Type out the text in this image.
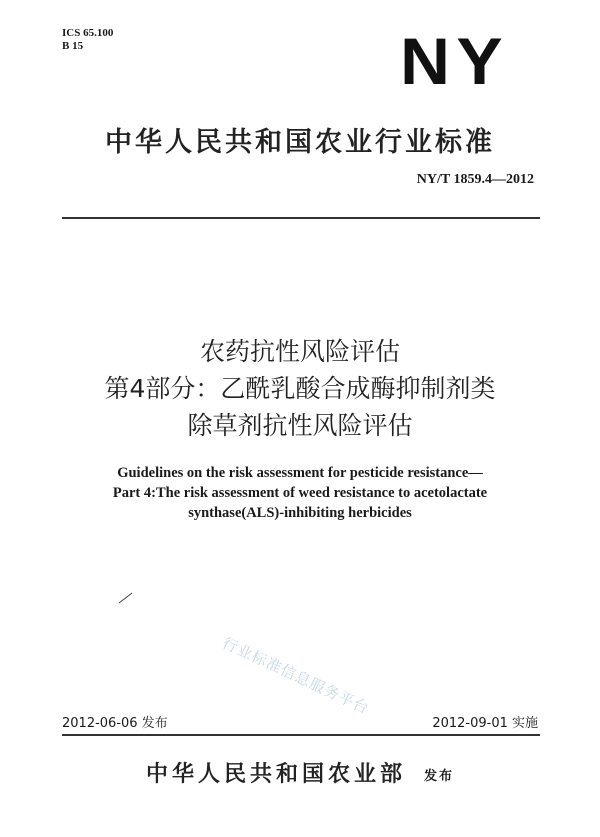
ICS 65.100
B 15	NY
中华人民共和国农业行业标准
NY/T 1859.4—2012
农药抗性风险评估
第4部分：乙酰乳酸合成酶抑制剂类
除草剂抗性风险评估
Guidelines on the risk assessment for pesticide resistance—
Part 4:The risk assessment of weed resistance to acetolactate
synthase(ALS)-inhibiting herbicides
行业标准信息服务平台
2012-06-06 发布	2012-09-01 实施
中华人民共和国农业部 发布
